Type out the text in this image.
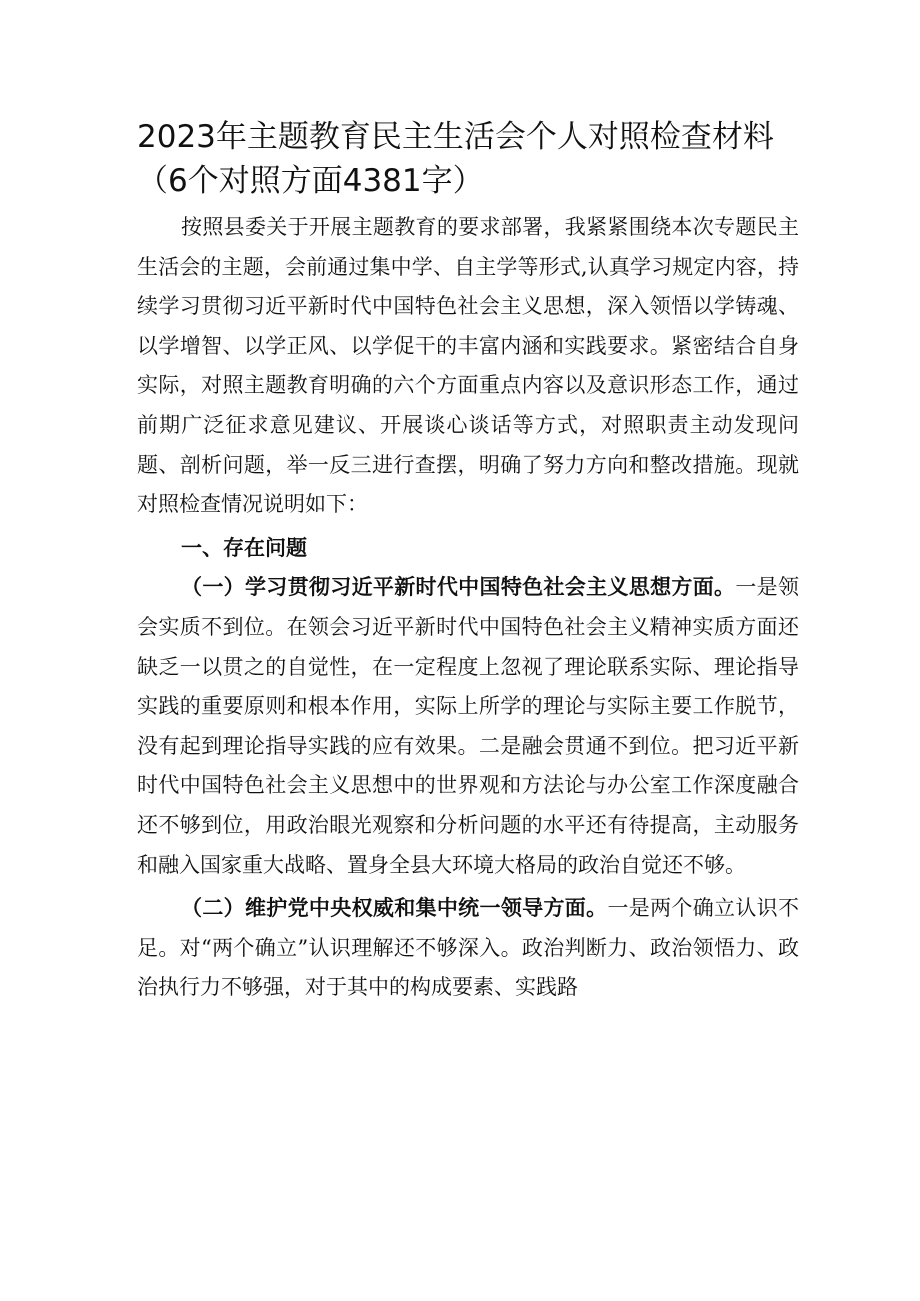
2023年主题教育民主生活会个人对照检查材料（6个对照方面4381字）

按照县委关于开展主题教育的要求部署，我紧紧围绕本次专题民主生活会的主题，会前通过集中学、自主学等形式,认真学习规定内容，持续学习贯彻习近平新时代中国特色社会主义思想，深入领悟以学铸魂、以学增智、以学正风、以学促干的丰富内涵和实践要求。紧密结合自身实际，对照主题教育明确的六个方面重点内容以及意识形态工作，通过前期广泛征求意见建议、开展谈心谈话等方式，对照职责主动发现问题、剖析问题，举一反三进行查摆，明确了努力方向和整改措施。现就对照检查情况说明如下：

一、存在问题

（一）学习贯彻习近平新时代中国特色社会主义思想方面。一是领会实质不到位。在领会习近平新时代中国特色社会主义精神实质方面还缺乏一以贯之的自觉性，在一定程度上忽视了理论联系实际、理论指导实践的重要原则和根本作用，实际上所学的理论与实际主要工作脱节，没有起到理论指导实践的应有效果。二是融会贯通不到位。把习近平新时代中国特色社会主义思想中的世界观和方法论与办公室工作深度融合还不够到位，用政治眼光观察和分析问题的水平还有待提高，主动服务和融入国家重大战略、置身全县大环境大格局的政治自觉还不够。

（二）维护党中央权威和集中统一领导方面。一是两个确立认识不足。对“两个确立”认识理解还不够深入。政治判断力、政治领悟力、政治执行力不够强，对于其中的构成要素、实践路
